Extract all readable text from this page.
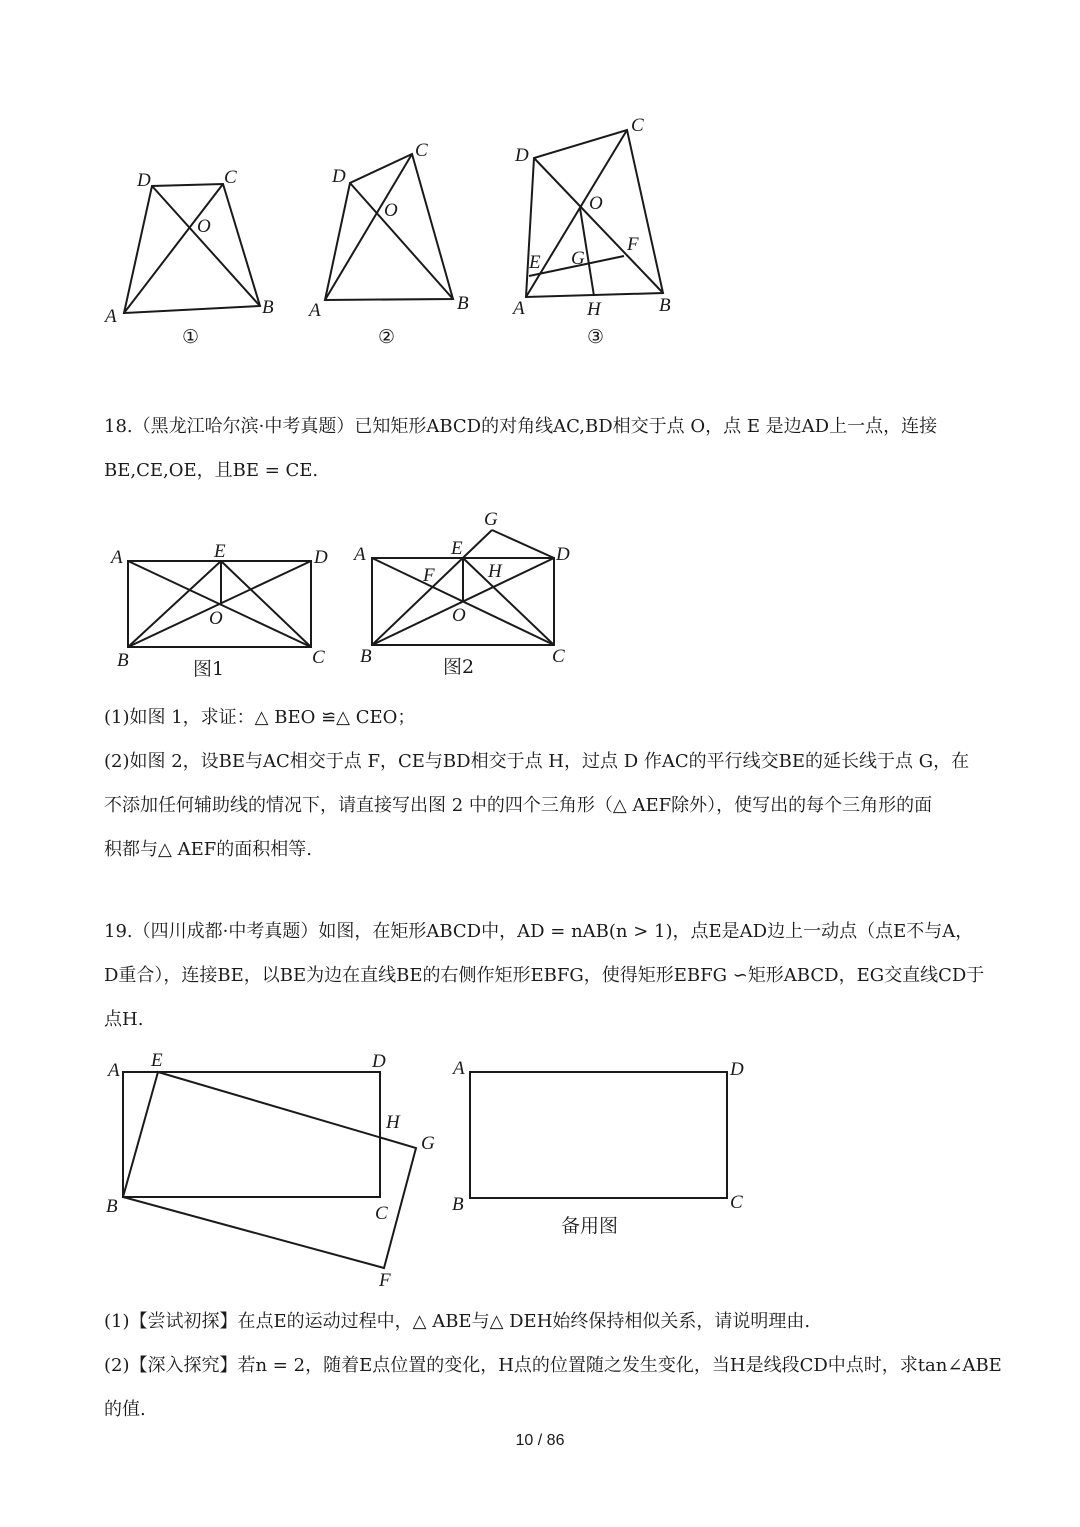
A	B
C
D
O
①
A	B
C
D
O
②
A	B
C
D
O
E
F
G
H
③

18.（黑龙江哈尔滨·中考真题）已知矩形ABCD的对角线AC,BD相交于点 O，点 E 是边AD上一点，连接
BE,CE,OE，且BE = CE.

A	E	D
O
B	C
图1
A	E
G
D
F	H
O
B	C
图2

(1)如图 1，求证：△ BEO ≌△ CEO；
(2)如图 2，设BE与AC相交于点 F，CE与BD相交于点 H，过点 D 作AC的平行线交BE的延长线于点 G，在
不添加任何辅助线的情况下，请直接写出图 2 中的四个三角形（△ AEF除外），使写出的每个三角形的面
积都与△ AEF的面积相等.

19.（四川成都·中考真题）如图，在矩形ABCD中，AD = nAB(n > 1)，点E是AD边上一动点（点E不与A，
D重合），连接BE，以BE为边在直线BE的右侧作矩形EBFG，使得矩形EBFG ∽矩形ABCD，EG交直线CD于
点H.

A E	D
H
G
B	C
F
A	D
B	C
备用图

(1)【尝试初探】在点E的运动过程中，△ ABE与△ DEH始终保持相似关系，请说明理由.
(2)【深入探究】若n = 2，随着E点位置的变化，H点的位置随之发生变化，当H是线段CD中点时，求tan∠ABE
的值.

10 / 86
